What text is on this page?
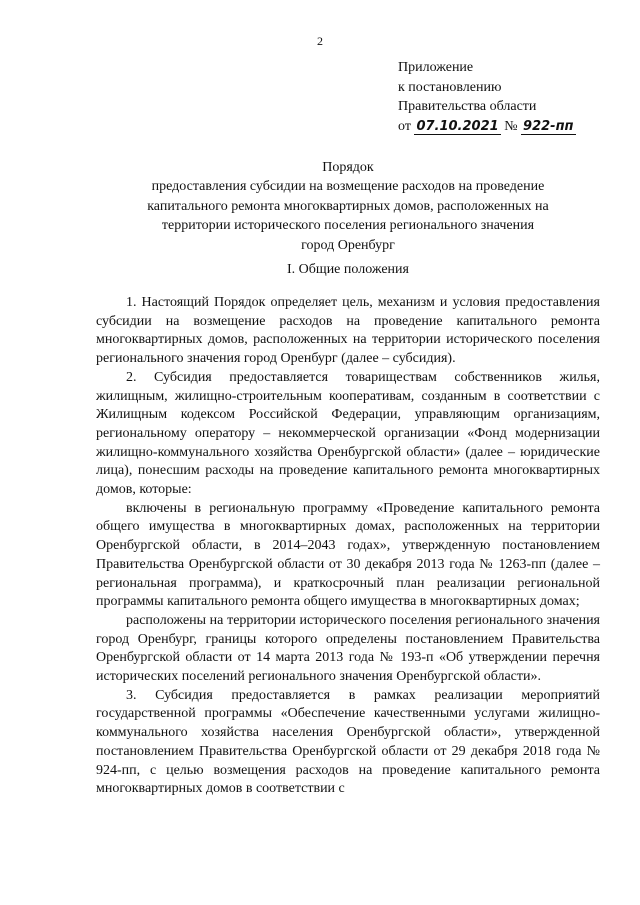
2
Приложение
к постановлению
Правительства области
от 07.10.2021 № 922-пп
Порядок
предоставления субсидии на возмещение расходов на проведение
капитального ремонта многоквартирных домов, расположенных на
территории исторического поселения регионального значения
город Оренбург
I. Общие положения

1. Настоящий Порядок определяет цель, механизм и условия предоставления субсидии на возмещение расходов на проведение капитального ремонта многоквартирных домов, расположенных на территории исторического поселения регионального значения город Оренбург (далее – субсидия).

2. Субсидия предоставляется товариществам собственников жилья, жилищным, жилищно-строительным кооперативам, созданным в соответствии с Жилищным кодексом Российской Федерации, управляющим организациям, региональному оператору – некоммерческой организации «Фонд модернизации жилищно-коммунального хозяйства Оренбургской области» (далее – юридические лица), понесшим расходы на проведение капитального ремонта многоквартирных домов, которые:

включены в региональную программу «Проведение капитального ремонта общего имущества в многоквартирных домах, расположенных на территории Оренбургской области, в 2014–2043 годах», утвержденную постановлением Правительства Оренбургской области от 30 декабря 2013 года № 1263-пп (далее – региональная программа), и краткосрочный план реализации региональной программы капитального ремонта общего имущества в многоквартирных домах;

расположены на территории исторического поселения регионального значения город Оренбург, границы которого определены постановлением Правительства Оренбургской области от 14 марта 2013 года № 193-п «Об утверждении перечня исторических поселений регионального значения Оренбургской области».

3. Субсидия предоставляется в рамках реализации мероприятий государственной программы «Обеспечение качественными услугами жилищно-коммунального хозяйства населения Оренбургской области», утвержденной постановлением Правительства Оренбургской области от 29 декабря 2018 года № 924-пп, с целью возмещения расходов на проведение капитального ремонта многоквартирных домов в соответствии с
